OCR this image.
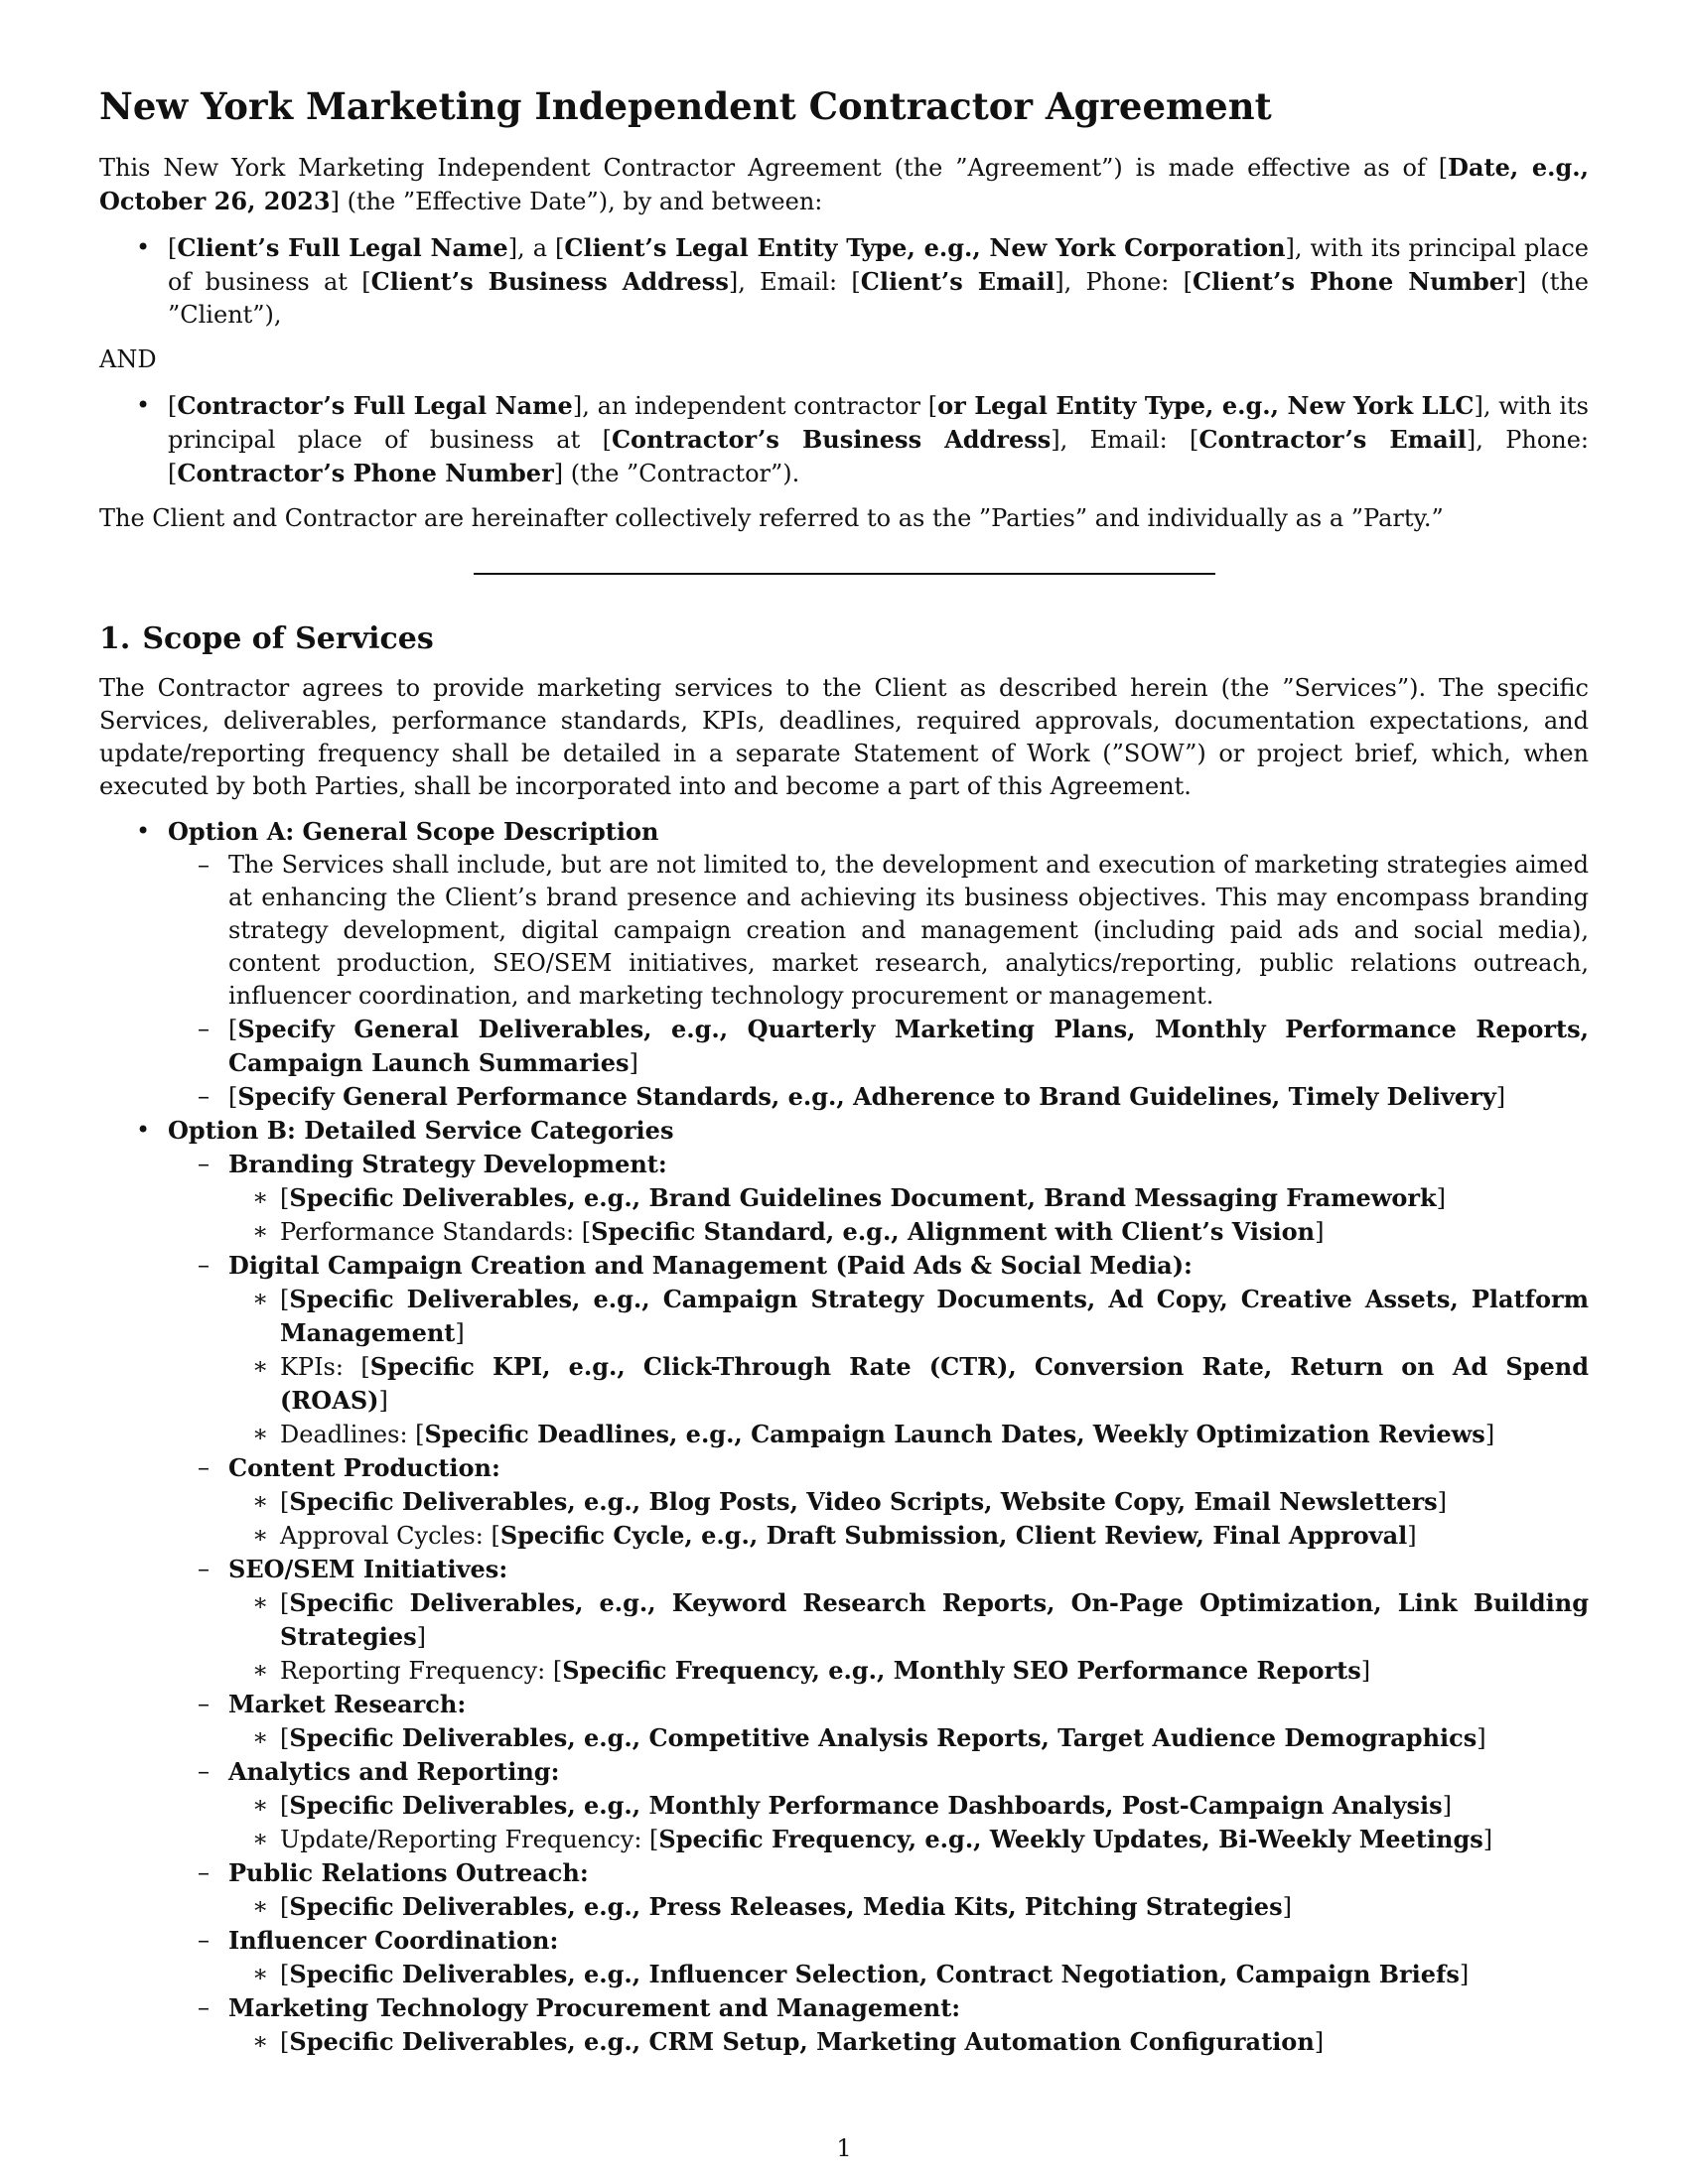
New York Marketing Independent Contractor Agreement

This New York Marketing Independent Contractor Agreement (the ”Agreement”) is made effective as of [Date, e.g., October 26, 2023] (the ”Effective Date”), by and between:

• [Client’s Full Legal Name], a [Client’s Legal Entity Type, e.g., New York Corporation], with its principal place of business at [Client’s Business Address], Email: [Client’s Email], Phone: [Client’s Phone Number] (the ”Client”),

AND

• [Contractor’s Full Legal Name], an independent contractor [or Legal Entity Type, e.g., New York LLC], with its principal place of business at [Contractor’s Business Address], Email: [Contractor’s Email], Phone: [Contractor’s Phone Number] (the ”Contractor”).

The Client and Contractor are hereinafter collectively referred to as the ”Parties” and individually as a ”Party.”

1. Scope of Services

The Contractor agrees to provide marketing services to the Client as described herein (the ”Services”). The specific Services, deliverables, performance standards, KPIs, deadlines, required approvals, documentation expectations, and update/reporting frequency shall be detailed in a separate Statement of Work (”SOW”) or project brief, which, when executed by both Parties, shall be incorporated into and become a part of this Agreement.

• Option A: General Scope Description
– The Services shall include, but are not limited to, the development and execution of marketing strategies aimed at enhancing the Client’s brand presence and achieving its business objectives. This may encompass branding strategy development, digital campaign creation and management (including paid ads and social media), content production, SEO/SEM initiatives, market research, analytics/reporting, public relations outreach, influencer coordination, and marketing technology procurement or management.
– [Specify General Deliverables, e.g., Quarterly Marketing Plans, Monthly Performance Reports, Campaign Launch Summaries]
– [Specify General Performance Standards, e.g., Adherence to Brand Guidelines, Timely Delivery]
• Option B: Detailed Service Categories
– Branding Strategy Development:
∗ [Specific Deliverables, e.g., Brand Guidelines Document, Brand Messaging Framework]
∗ Performance Standards: [Specific Standard, e.g., Alignment with Client’s Vision]
– Digital Campaign Creation and Management (Paid Ads & Social Media):
∗ [Specific Deliverables, e.g., Campaign Strategy Documents, Ad Copy, Creative Assets, Platform Management]
∗ KPIs: [Specific KPI, e.g., Click-Through Rate (CTR), Conversion Rate, Return on Ad Spend (ROAS)]
∗ Deadlines: [Specific Deadlines, e.g., Campaign Launch Dates, Weekly Optimization Reviews]
– Content Production:
∗ [Specific Deliverables, e.g., Blog Posts, Video Scripts, Website Copy, Email Newsletters]
∗ Approval Cycles: [Specific Cycle, e.g., Draft Submission, Client Review, Final Approval]
– SEO/SEM Initiatives:
∗ [Specific Deliverables, e.g., Keyword Research Reports, On-Page Optimization, Link Building Strategies]
∗ Reporting Frequency: [Specific Frequency, e.g., Monthly SEO Performance Reports]
– Market Research:
∗ [Specific Deliverables, e.g., Competitive Analysis Reports, Target Audience Demographics]
– Analytics and Reporting:
∗ [Specific Deliverables, e.g., Monthly Performance Dashboards, Post-Campaign Analysis]
∗ Update/Reporting Frequency: [Specific Frequency, e.g., Weekly Updates, Bi-Weekly Meetings]
– Public Relations Outreach:
∗ [Specific Deliverables, e.g., Press Releases, Media Kits, Pitching Strategies]
– Influencer Coordination:
∗ [Specific Deliverables, e.g., Influencer Selection, Contract Negotiation, Campaign Briefs]
– Marketing Technology Procurement and Management:
∗ [Specific Deliverables, e.g., CRM Setup, Marketing Automation Configuration]
1
